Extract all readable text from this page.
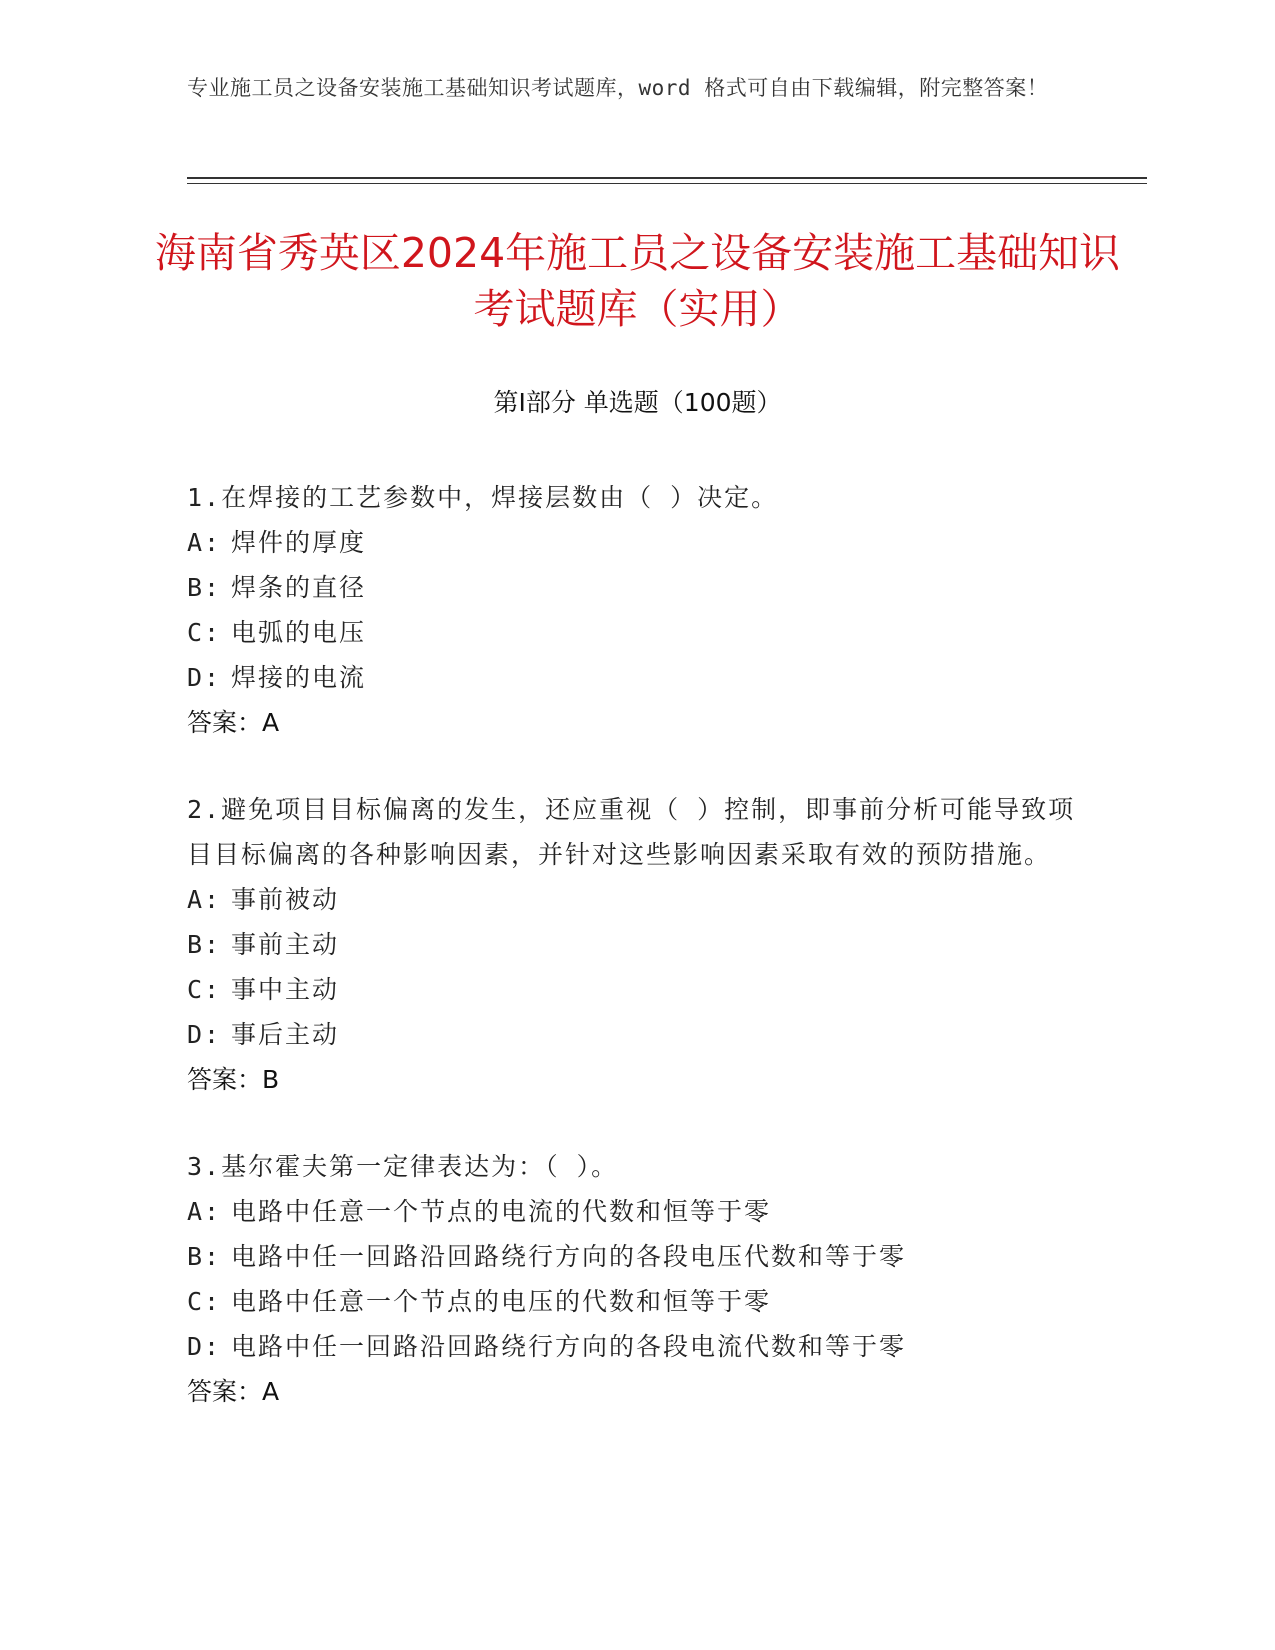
专业施工员之设备安装施工基础知识考试题库，word 格式可自由下载编辑，附完整答案！
海南省秀英区2024年施工员之设备安装施工基础知识考试题库（实用）
第Ⅰ部分 单选题（100题）
1.在焊接的工艺参数中，焊接层数由（ ）决定。
A: 焊件的厚度
B: 焊条的直径
C: 电弧的电压
D: 焊接的电流
答案：A
2.避免项目目标偏离的发生，还应重视（ ）控制，即事前分析可能导致项目目标偏离的各种影响因素，并针对这些影响因素采取有效的预防措施。
A: 事前被动
B: 事前主动
C: 事中主动
D: 事后主动
答案：B
3.基尔霍夫第一定律表达为：（ ）。
A: 电路中任意一个节点的电流的代数和恒等于零
B: 电路中任一回路沿回路绕行方向的各段电压代数和等于零
C: 电路中任意一个节点的电压的代数和恒等于零
D: 电路中任一回路沿回路绕行方向的各段电流代数和等于零
答案：A
